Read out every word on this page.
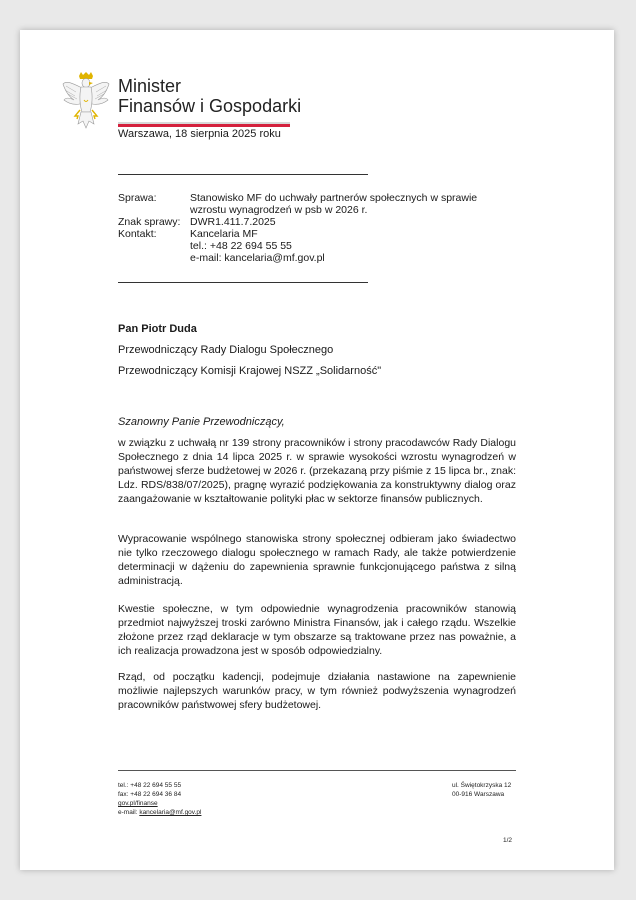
Minister
Finansów i Gospodarki
Warszawa, 18 sierpnia 2025 roku
Sprawa:	Stanowisko MF do uchwały partnerów społecznych w sprawie
wzrostu wynagrodzeń w psb w 2026 r.
Znak sprawy: DWR1.411.7.2025
Kontakt:	Kancelaria MF
tel.: +48 22 694 55 55
e-mail: kancelaria@mf.gov.pl
Pan Piotr Duda
Przewodniczący Rady Dialogu Społecznego
Przewodniczący Komisji Krajowej NSZZ „Solidarność"
Szanowny Panie Przewodniczący,
w związku z uchwałą nr 139 strony pracowników i strony pracodawców Rady Dialogu Społecznego z dnia 14 lipca 2025 r. w sprawie wysokości wzrostu wynagrodzeń w państwowej sferze budżetowej w 2026 r. (przekazaną przy piśmie z 15 lipca br., znak: Ldz. RDS/838/07/2025), pragnę wyrazić podziękowania za konstruktywny dialog oraz zaangażowanie w kształtowanie polityki płac w sektorze finansów publicznych.
Wypracowanie wspólnego stanowiska strony społecznej odbieram jako świadectwo nie tylko rzeczowego dialogu społecznego w ramach Rady, ale także potwierdzenie determinacji w dążeniu do zapewnienia sprawnie funkcjonującego państwa z silną administracją.
Kwestie społeczne, w tym odpowiednie wynagrodzenia pracowników stanowią przedmiot najwyższej troski zarówno Ministra Finansów, jak i całego rządu. Wszelkie złożone przez rząd deklaracje w tym obszarze są traktowane przez nas poważnie, a ich realizacja prowadzona jest w sposób odpowiedzialny.
Rząd, od początku kadencji, podejmuje działania nastawione na zapewnienie możliwie najlepszych warunków pracy, w tym również podwyższenia wynagrodzeń pracowników państwowej sfery budżetowej.
tel.: +48 22 694 55 55
fax: +48 22 694 36 84
gov.pl/finanse
e-mail: kancelaria@mf.gov.pl
ul. Świętokrzyska 12
00-916 Warszawa
1/2
